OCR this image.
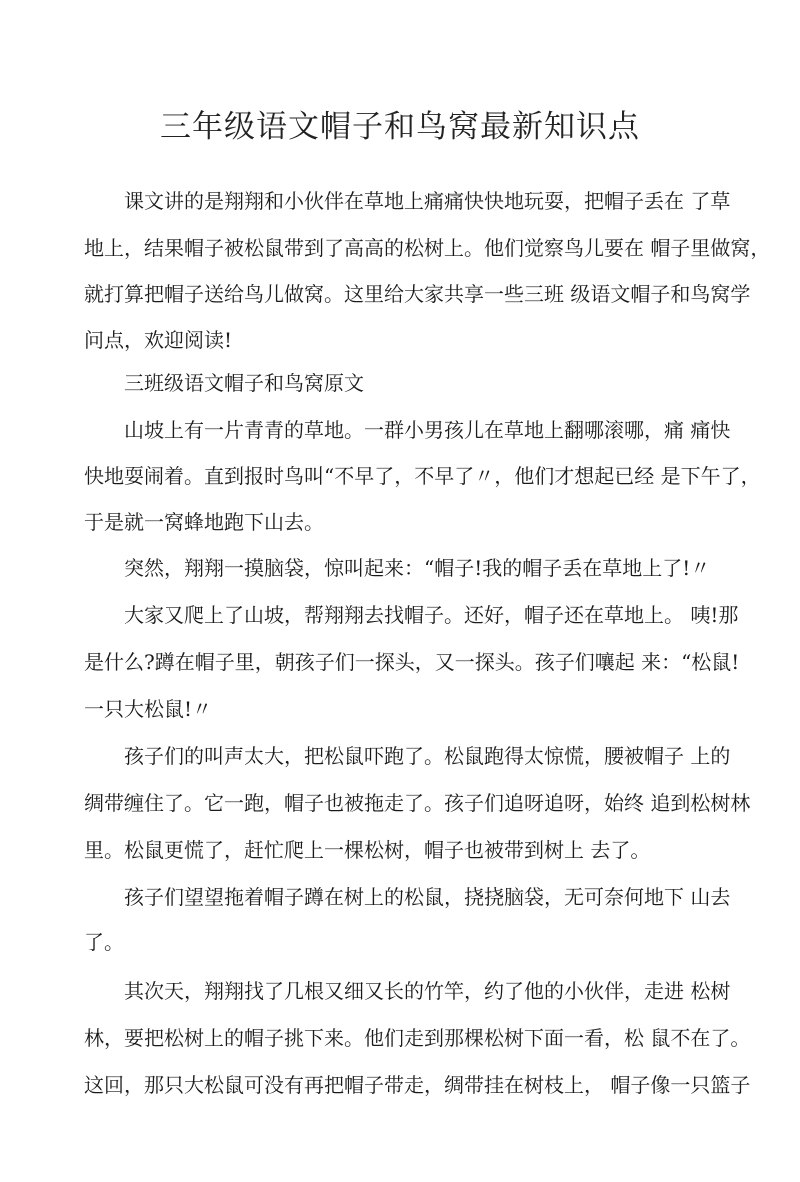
三年级语文帽子和鸟窝最新知识点
课文讲的是翔翔和小伙伴在草地上痛痛快快地玩耍，把帽子丢在 了草
地上，结果帽子被松鼠带到了高高的松树上。他们觉察鸟儿要在 帽子里做窝，
就打算把帽子送给鸟儿做窝。这里给大家共享一些三班 级语文帽子和鸟窝学
问点，欢迎阅读!
三班级语文帽子和鸟窝原文
山坡上有一片青青的草地。一群小男孩儿在草地上翻哪滚哪，痛 痛快
快地耍闹着。直到报时鸟叫“不早了，不早了〃，他们才想起已经 是下午了，
于是就一窝蜂地跑下山去。
突然，翔翔一摸脑袋，惊叫起来：“帽子!我的帽子丢在草地上了!〃
大家又爬上了山坡，帮翔翔去找帽子。还好，帽子还在草地上。 咦!那
是什么?蹲在帽子里，朝孩子们一探头，又一探头。孩子们嚷起 来：“松鼠!
一只大松鼠!〃
孩子们的叫声太大，把松鼠吓跑了。松鼠跑得太惊慌，腰被帽子 上的
绸带缠住了。它一跑，帽子也被拖走了。孩子们追呀追呀，始终 追到松树林
里。松鼠更慌了，赶忙爬上一棵松树，帽子也被带到树上 去了。
孩子们望望拖着帽子蹲在树上的松鼠，挠挠脑袋，无可奈何地下 山去
了。
其次天，翔翔找了几根又细又长的竹竿，约了他的小伙伴，走进 松树
林，要把松树上的帽子挑下来。他们走到那棵松树下面一看，松 鼠不在了。
这回，那只大松鼠可没有再把帽子带走，绸带挂在树枝上， 帽子像一只篮子
